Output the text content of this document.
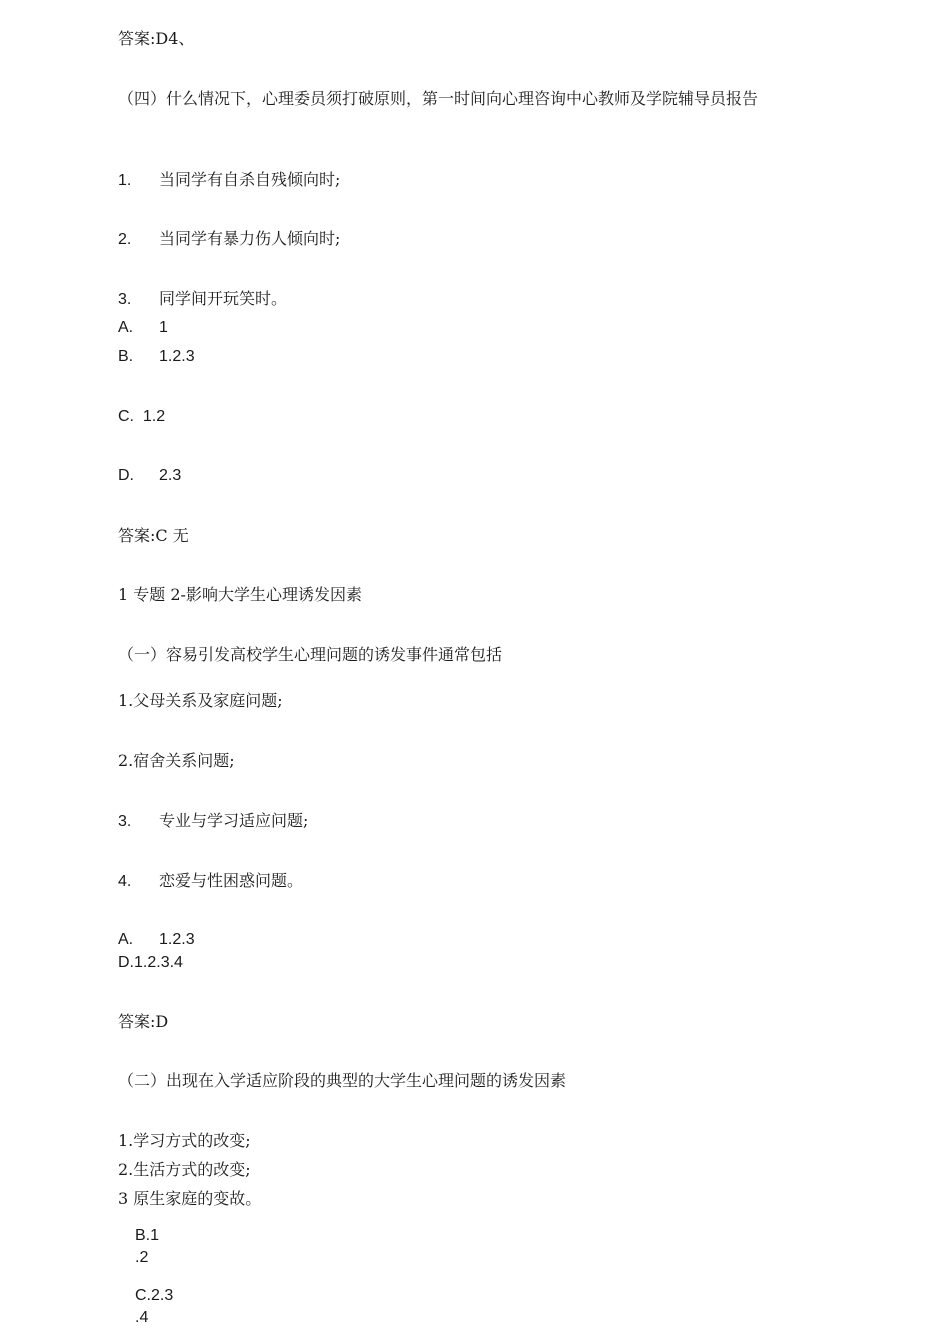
答案:D4、
（四）什么情况下，心理委员须打破原则，第一时间向心理咨询中心教师及学院辅导员报告
1. 当同学有自杀自残倾向时;
2. 当同学有暴力伤人倾向时;
3. 同学间开玩笑时。
A. 1
B. 1.2.3
C. 1.2
D. 2.3
答案:C 无
1 专题 2-影响大学生心理诱发因素
（一）容易引发高校学生心理问题的诱发事件通常包括
1.父母关系及家庭问题;
2.宿舍关系问题;
3. 专业与学习适应问题;
4. 恋爱与性困惑问题。
A. 1.2.3
D.1.2.3.4
答案:D
（二）出现在入学适应阶段的典型的大学生心理问题的诱发因素
1.学习方式的改变;
2.生活方式的改变;
3 原生家庭的变故。
B.1
.2
C.2.3
.4
